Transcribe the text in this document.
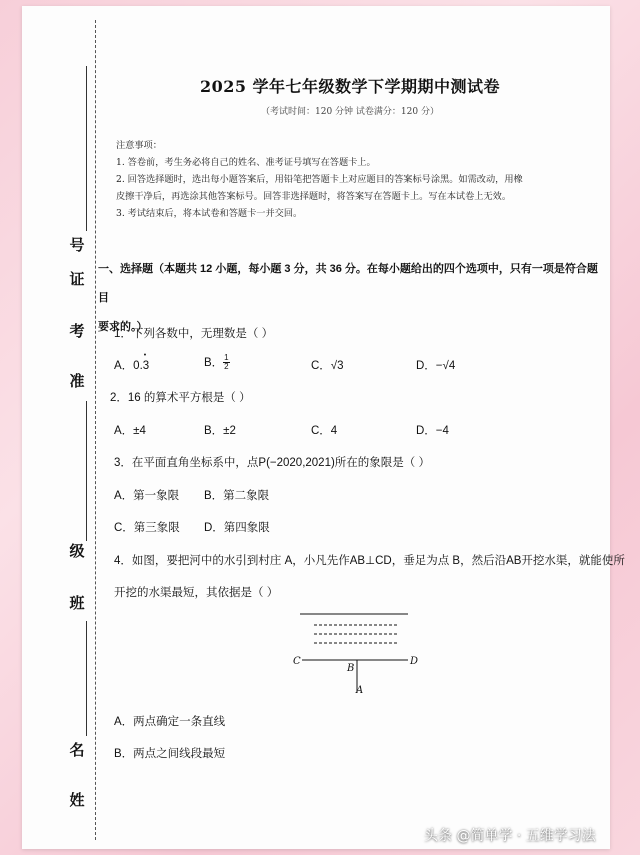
号
证
考
准
级
班
名
姓
2025 学年七年级数学下学期期中测试卷
（考试时间：120 分钟 试卷满分：120 分）
注意事项：
1. 答卷前，考生务必将自己的姓名、准考证号填写在答题卡上。
2. 回答选择题时，选出每小题答案后，用铅笔把答题卡上对应题目的答案标号涂黑。如需改动，用橡
皮擦干净后，再选涂其他答案标号。回答非选择题时，将答案写在答题卡上。写在本试卷上无效。
3. 考试结束后，将本试卷和答题卡一并交回。
一、选择题（本题共 12 小题，每小题 3 分，共 36 分。在每小题给出的四个选项中，只有一项是符合题目
要求的。）
1．下列各数中，无理数是（ ）
A．0.• 3	B． $\frac{1}{2}$	C．√3	D．−√4
2．16 的算术平方根是（ ）
A．±4	B．±2	C．4	D．−4
3．在平面直角坐标系中，点P(−2020,2021)所在的象限是（ ）
A．第一象限 B．第二象限
C．第三象限 D．第四象限
4．如图，要把河中的水引到村庄 A，小凡先作AB⊥CD，垂足为点 B，然后沿AB开挖水渠，就能使所
开挖的水渠最短，其依据是（ ）
C
B
D
A
A．两点确定一条直线
B．两点之间线段最短
头条 @简单学 · 五维学习法
